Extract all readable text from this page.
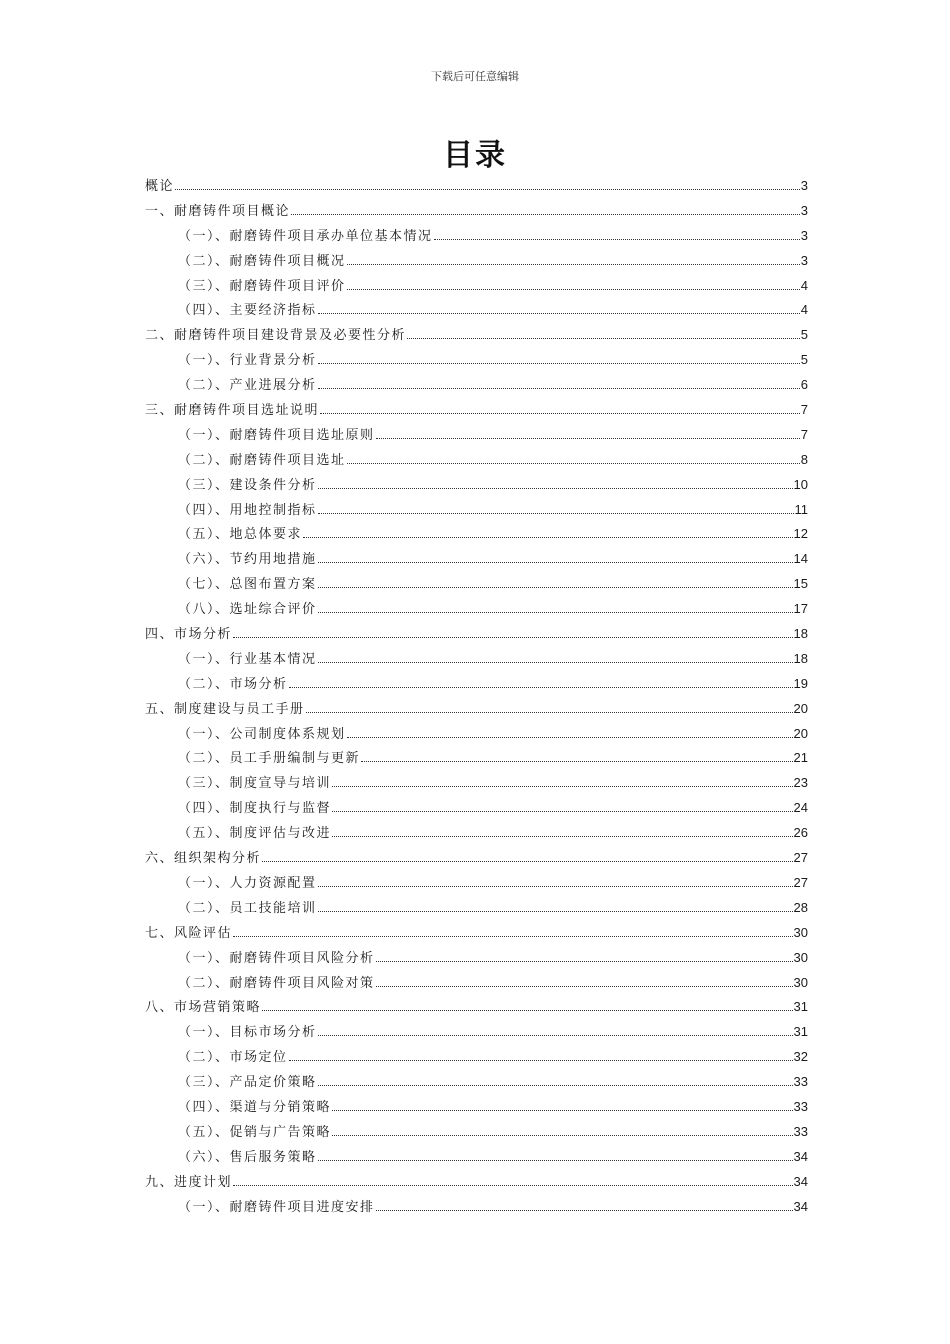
下载后可任意编辑
目录
概论	3
一、耐磨铸件项目概论	3
（一）、耐磨铸件项目承办单位基本情况	3
（二）、耐磨铸件项目概况	3
（三）、耐磨铸件项目评价	4
（四）、主要经济指标	4
二、耐磨铸件项目建设背景及必要性分析	5
（一）、行业背景分析	5
（二）、产业进展分析	6
三、耐磨铸件项目选址说明	7
（一）、耐磨铸件项目选址原则	7
（二）、耐磨铸件项目选址	8
（三）、建设条件分析	10
（四）、用地控制指标	11
（五）、地总体要求	12
（六）、节约用地措施	14
（七）、总图布置方案	15
（八）、选址综合评价	17
四、市场分析	18
（一）、行业基本情况	18
（二）、市场分析	19
五、制度建设与员工手册	20
（一）、公司制度体系规划	20
（二）、员工手册编制与更新	21
（三）、制度宣导与培训	23
（四）、制度执行与监督	24
（五）、制度评估与改进	26
六、组织架构分析	27
（一）、人力资源配置	27
（二）、员工技能培训	28
七、风险评估	30
（一）、耐磨铸件项目风险分析	30
（二）、耐磨铸件项目风险对策	30
八、市场营销策略	31
（一）、目标市场分析	31
（二）、市场定位	32
（三）、产品定价策略	33
（四）、渠道与分销策略	33
（五）、促销与广告策略	33
（六）、售后服务策略	34
九、进度计划	34
（一）、耐磨铸件项目进度安排	34
